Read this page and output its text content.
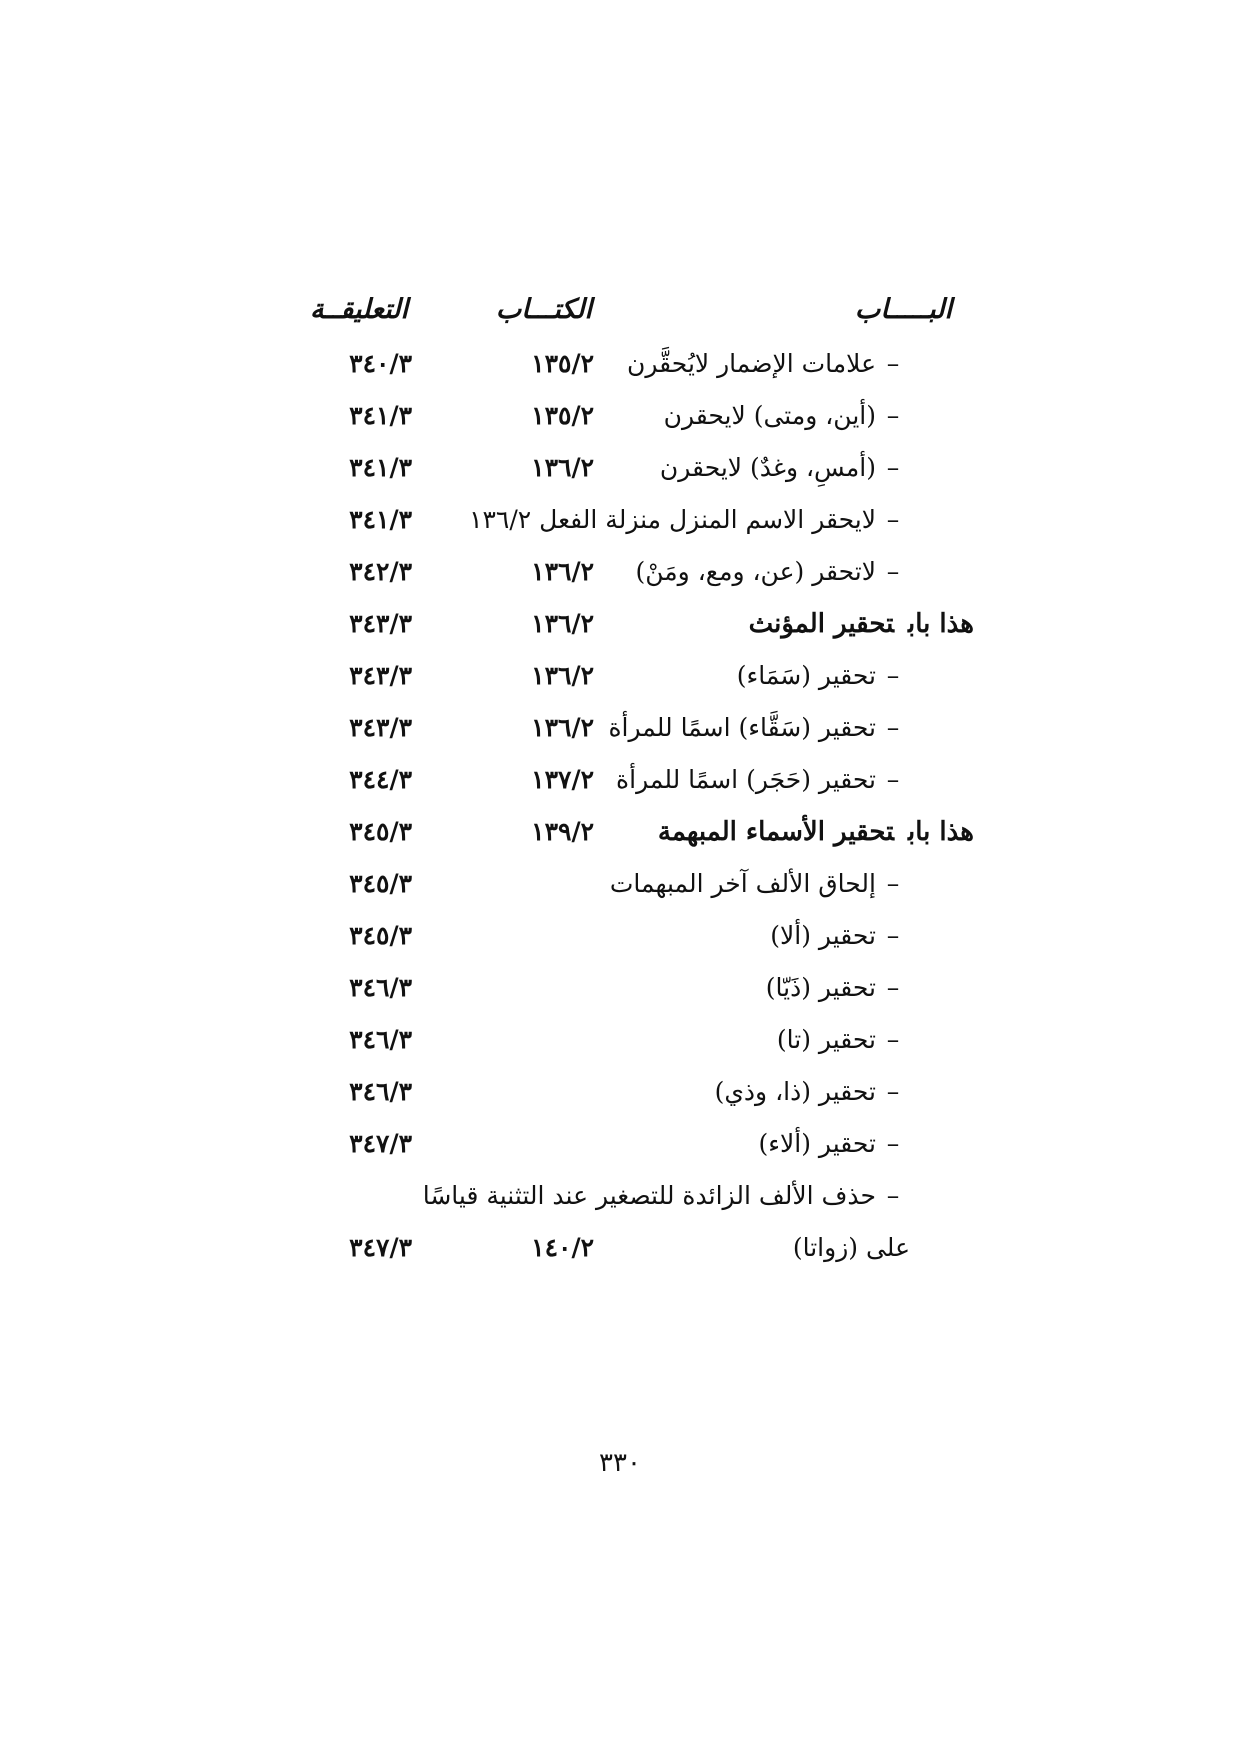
البـــــاب
الكتـــاب
التعليقــة
–علامات الإضمار لايُحقَّرن
١٣٥/٢
٣٤٠/٣
–(أين، ومتى) لايحقرن
١٣٥/٢
٣٤١/٣
–(أمسِ، وغدٌ) لايحقرن
١٣٦/٢
٣٤١/٣
–لايحقر الاسم المنزل منزلة الفعل ١٣٦/٢
٣٤١/٣
–لاتحقر (عن، ومع، ومَنْ)
١٣٦/٢
٣٤٢/٣
هذا بابتحقير المؤنث
١٣٦/٢
٣٤٣/٣
–تحقير (سَمَاء)
١٣٦/٢
٣٤٣/٣
–تحقير (سَقَّاء) اسمًا للمرأة
١٣٦/٢
٣٤٣/٣
–تحقير (حَجَر) اسمًا للمرأة
١٣٧/٢
٣٤٤/٣
هذا بابتحقير الأسماء المبهمة
١٣٩/٢
٣٤٥/٣
–إلحاق الألف آخر المبهمات
٣٤٥/٣
–تحقير (ألا)
٣٤٥/٣
–تحقير (ذَيّا)
٣٤٦/٣
–تحقير (تا)
٣٤٦/٣
–تحقير (ذا، وذي)
٣٤٦/٣
–تحقير (ألاء)
٣٤٧/٣
–حذف الألف الزائدة للتصغير عند التثنية قياسًا
على (زواتا)
١٤٠/٢
٣٤٧/٣
٣٣٠
